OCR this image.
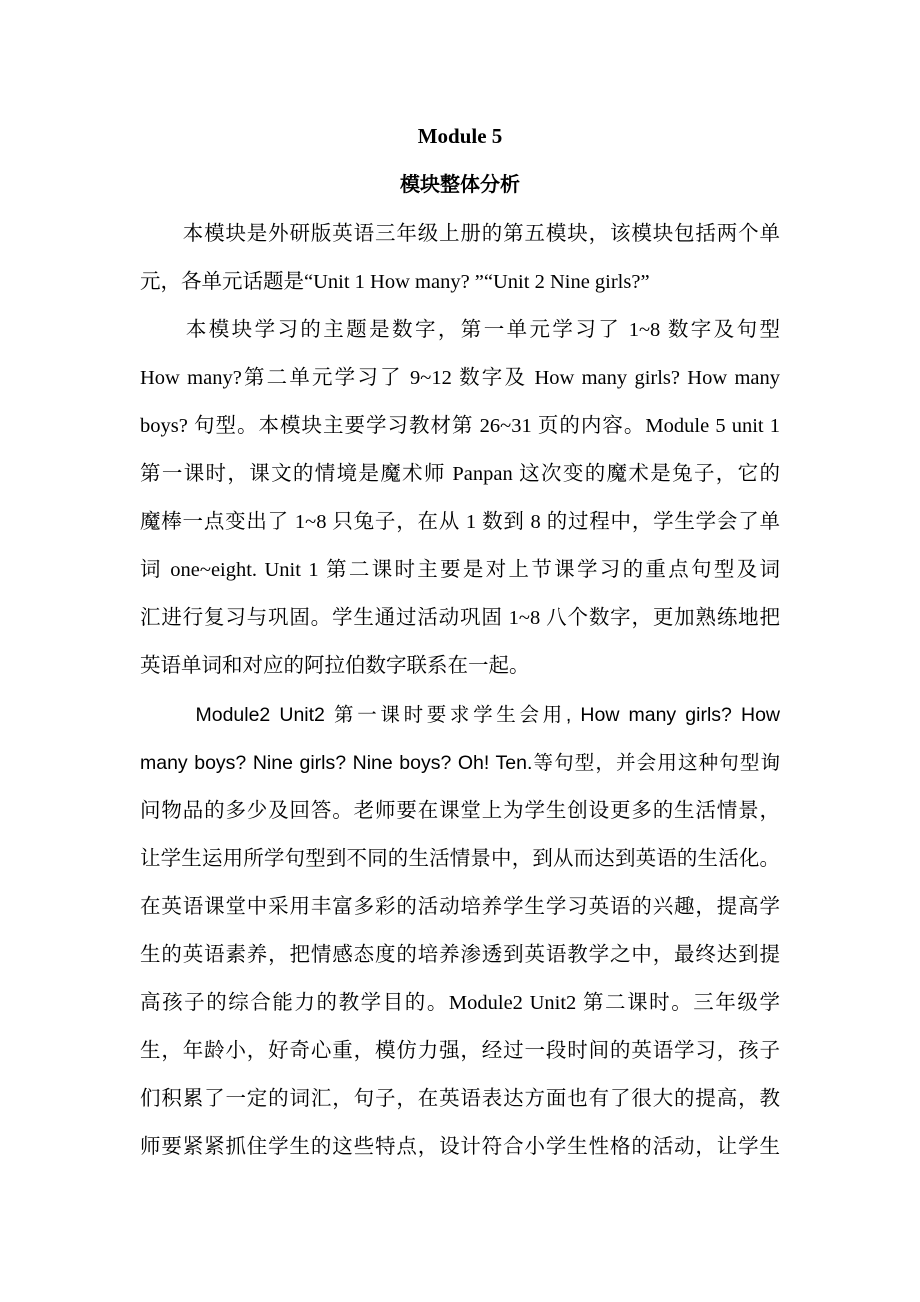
Module 5
模块整体分析
　　本模块是外研版英语三年级上册的第五模块，该模块包括两个单
元，各单元话题是“Unit 1 How many? ”“Unit 2 Nine girls?”
　　本模块学习的主题是数字，第一单元学习了 1~8 数字及句型
How many?第二单元学习了 9~12 数字及 How many girls? How many
boys? 句型。本模块主要学习教材第 26~31 页的内容。Module 5 unit 1
第一课时，课文的情境是魔术师 Panpan 这次变的魔术是兔子，它的
魔棒一点变出了 1~8 只兔子，在从 1 数到 8 的过程中，学生学会了单
词 one~eight. Unit 1 第二课时主要是对上节课学习的重点句型及词
汇进行复习与巩固。学生通过活动巩固 1~8 八个数字，更加熟练地把
英语单词和对应的阿拉伯数字联系在一起。
　　 Module2 Unit2 第一课时要求学生会用, How many girls? How
many boys? Nine girls? Nine boys? Oh! Ten.等句型，并会用这种句型询
问物品的多少及回答。老师要在课堂上为学生创设更多的生活情景，
让学生运用所学句型到不同的生活情景中，到从而达到英语的生活化。
在英语课堂中采用丰富多彩的活动培养学生学习英语的兴趣，提高学
生的英语素养，把情感态度的培养渗透到英语教学之中，最终达到提
高孩子的综合能力的教学目的。Module2 Unit2 第二课时。三年级学
生，年龄小，好奇心重，模仿力强，经过一段时间的英语学习，孩子
们积累了一定的词汇，句子，在英语表达方面也有了很大的提高，教
师要紧紧抓住学生的这些特点，设计符合小学生性格的活动，让学生
